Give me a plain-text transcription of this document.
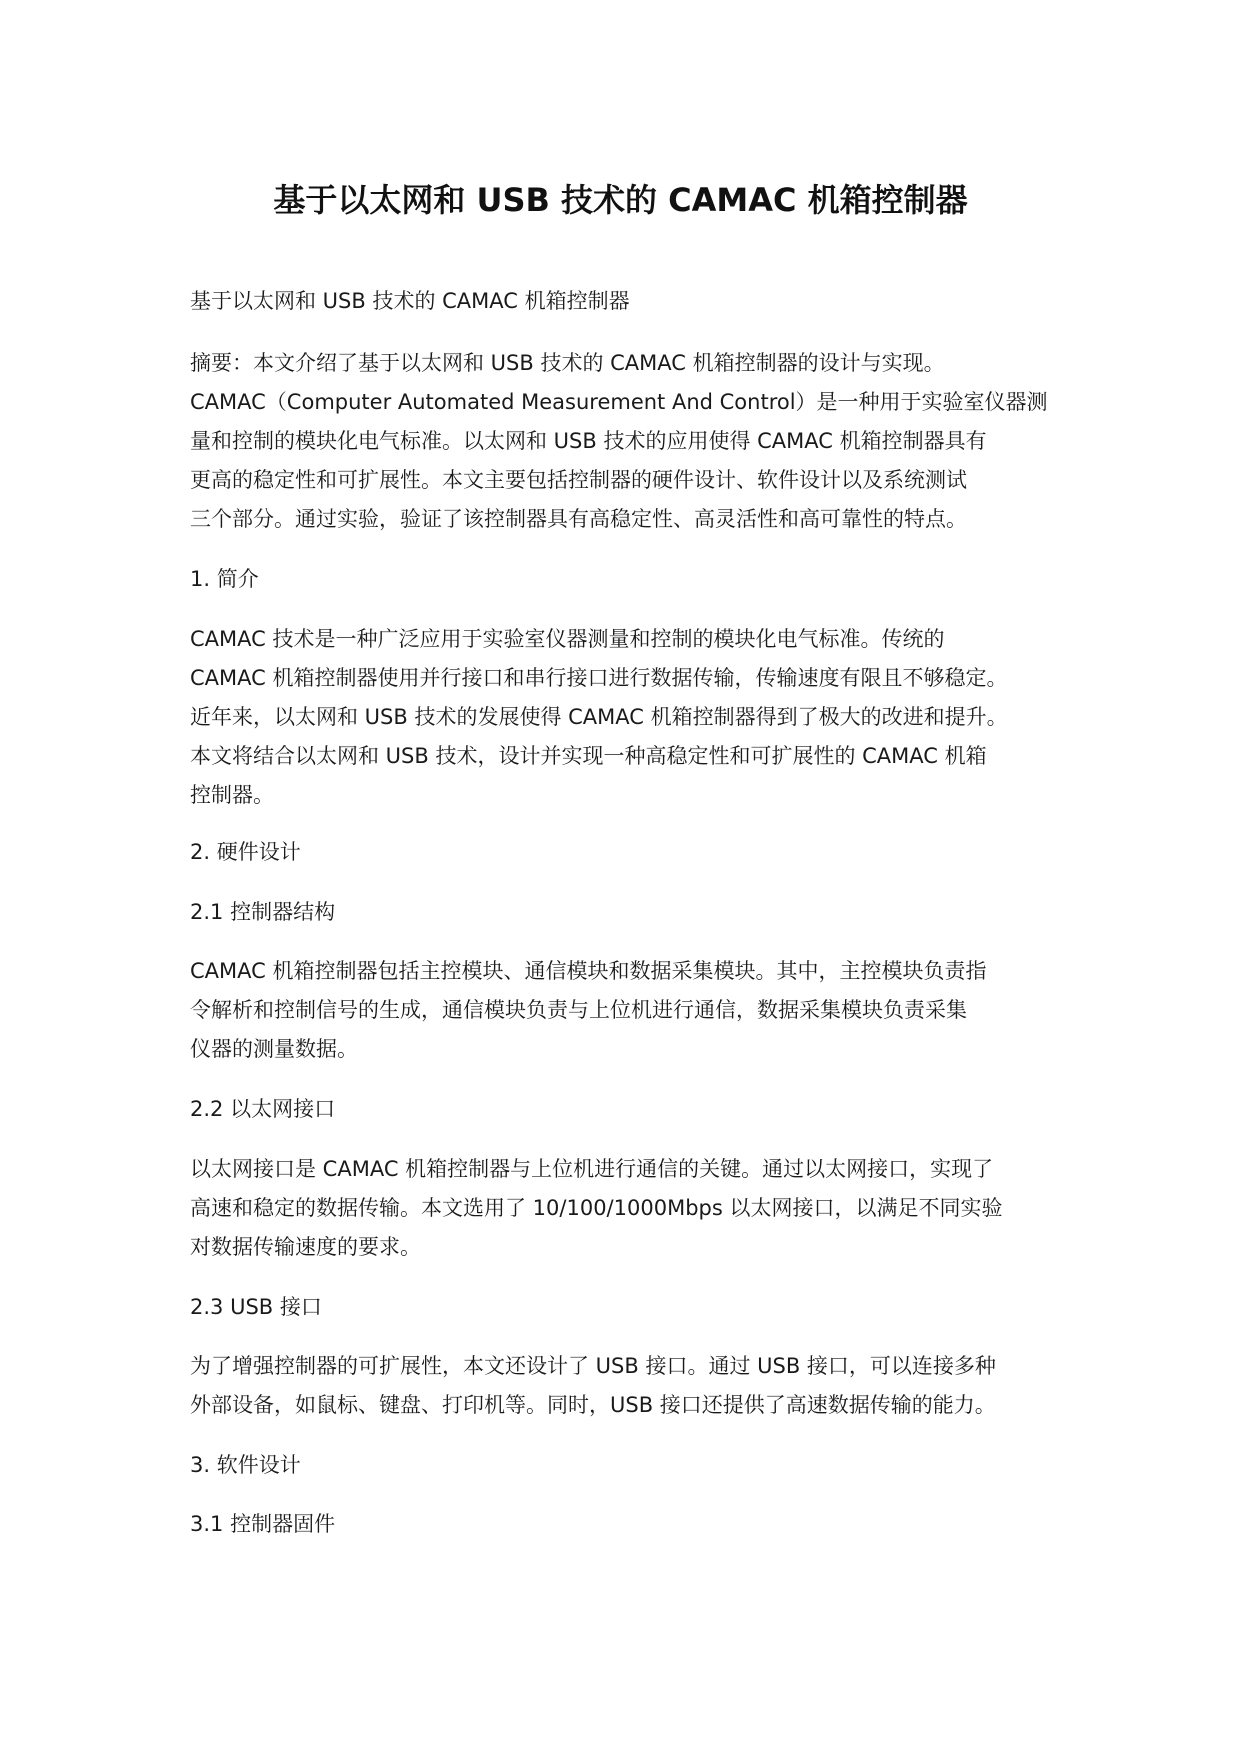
基于以太网和 USB 技术的 CAMAC 机箱控制器

基于以太网和 USB 技术的 CAMAC 机箱控制器

摘要：本文介绍了基于以太网和 USB 技术的 CAMAC 机箱控制器的设计与实现。
CAMAC（Computer Automated Measurement And Control）是一种用于实验室仪器测
量和控制的模块化电气标准。以太网和 USB 技术的应用使得 CAMAC 机箱控制器具有
更高的稳定性和可扩展性。本文主要包括控制器的硬件设计、软件设计以及系统测试
三个部分。通过实验，验证了该控制器具有高稳定性、高灵活性和高可靠性的特点。

1. 简介

CAMAC 技术是一种广泛应用于实验室仪器测量和控制的模块化电气标准。传统的
CAMAC 机箱控制器使用并行接口和串行接口进行数据传输，传输速度有限且不够稳定。
近年来，以太网和 USB 技术的发展使得 CAMAC 机箱控制器得到了极大的改进和提升。
本文将结合以太网和 USB 技术，设计并实现一种高稳定性和可扩展性的 CAMAC 机箱
控制器。

2. 硬件设计
2.1 控制器结构

CAMAC 机箱控制器包括主控模块、通信模块和数据采集模块。其中，主控模块负责指
令解析和控制信号的生成，通信模块负责与上位机进行通信，数据采集模块负责采集
仪器的测量数据。

2.2 以太网接口

以太网接口是 CAMAC 机箱控制器与上位机进行通信的关键。通过以太网接口，实现了
高速和稳定的数据传输。本文选用了 10/100/1000Mbps 以太网接口，以满足不同实验
对数据传输速度的要求。

2.3 USB 接口

为了增强控制器的可扩展性，本文还设计了 USB 接口。通过 USB 接口，可以连接多种
外部设备，如鼠标、键盘、打印机等。同时，USB 接口还提供了高速数据传输的能力。

3. 软件设计
3.1 控制器固件
